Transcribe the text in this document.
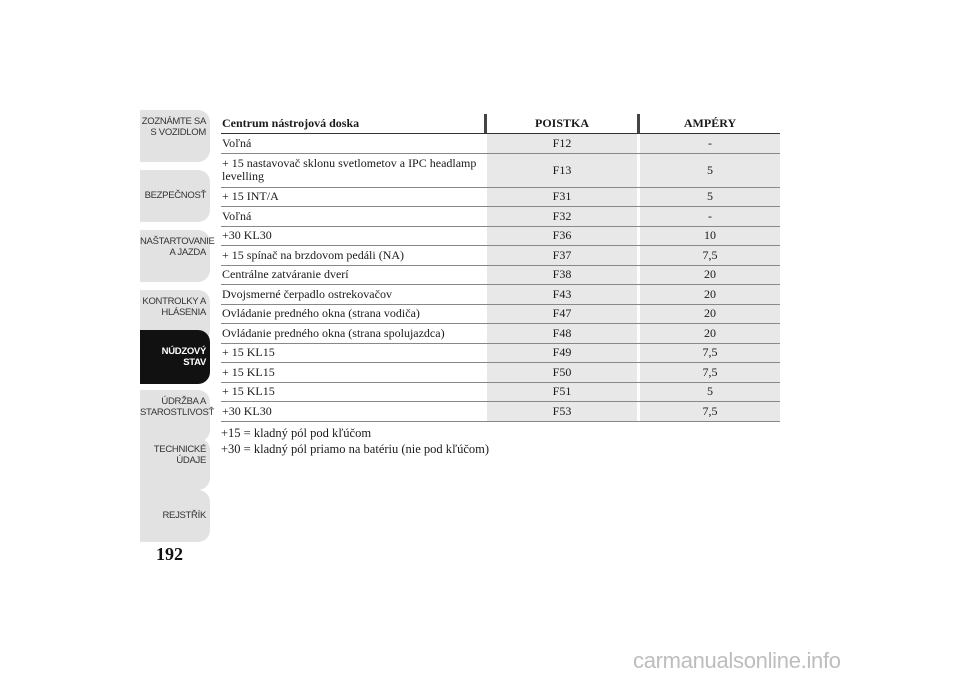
ZOZNÁMTE SA S VOZIDLOM
BEZPEČNOSŤ
NAŠTARTOVANIE A JAZDA
KONTROLKY A HLÁSENIA
NÚDZOVÝ STAV
ÚDRŽBA A STAROSTLIVOSŤ
TECHNICKÉ ÚDAJE
REJSTŘÍK
192
Centrum nástrojová doska	POISTKA	AMPÉRY
Voľná	F12	-
+ 15 nastavovač sklonu svetlometov a IPC headlamp levelling	F13	5
+ 15 INT/A	F31	5
Voľná	F32	-
+30 KL30	F36	10
+ 15 spínač na brzdovom pedáli (NA)	F37	7,5
Centrálne zatváranie dverí	F38	20
Dvojsmerné čerpadlo ostrekovačov	F43	20
Ovládanie predného okna (strana vodiča)	F47	20
Ovládanie predného okna (strana spolujazdca)	F48	20
+ 15 KL15	F49	7,5
+ 15 KL15	F50	7,5
+ 15 KL15	F51	5
+30 KL30	F53	7,5
+15 = kladný pól pod kľúčom
+30 = kladný pól priamo na batériu (nie pod kľúčom)
carmanualsonline.info
